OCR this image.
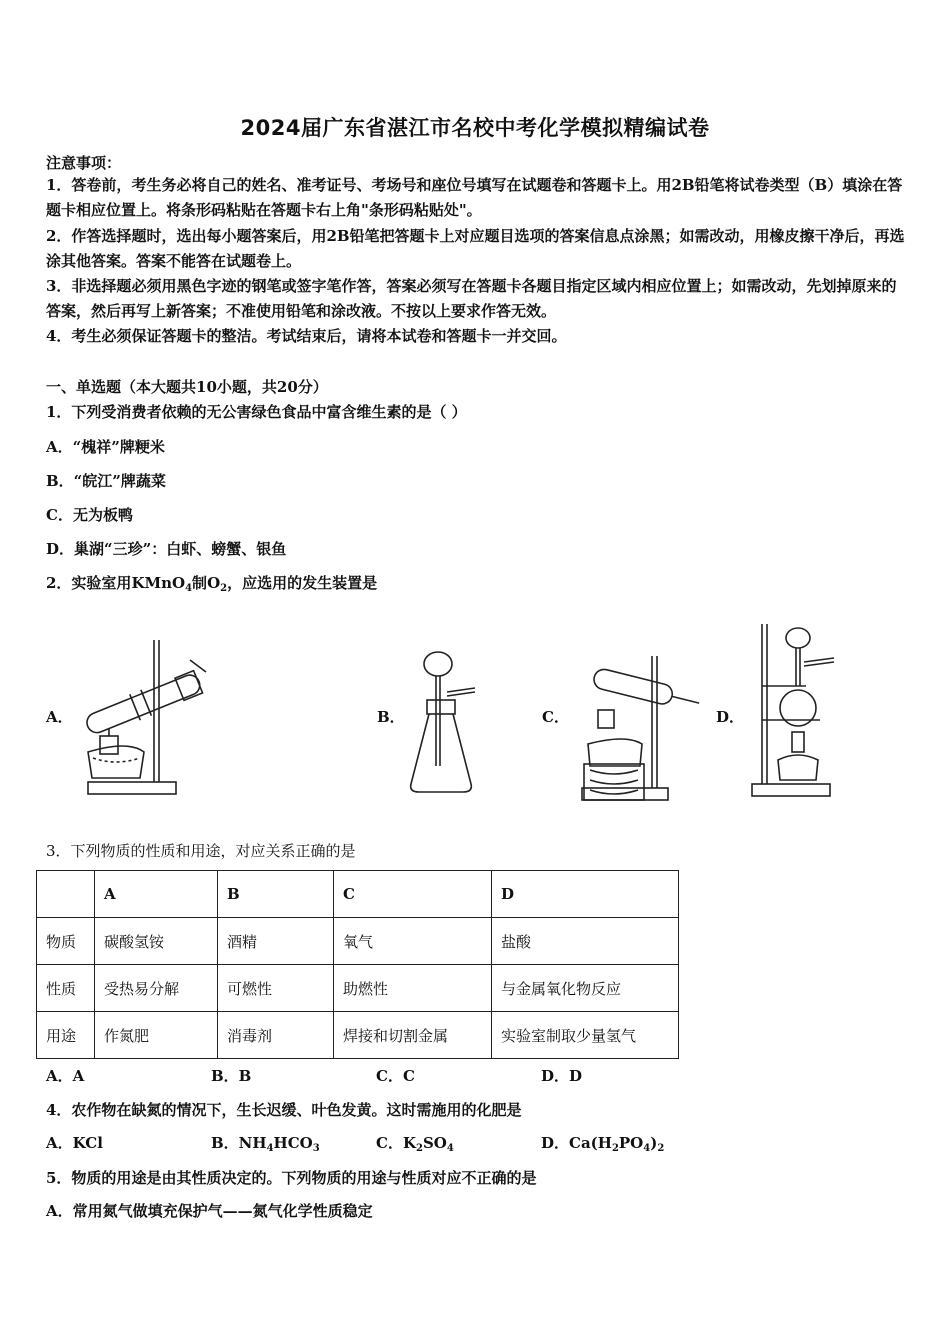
2024届广东省湛江市名校中考化学模拟精编试卷
注意事项：
1．答卷前，考生务必将自己的姓名、准考证号、考场号和座位号填写在试题卷和答题卡上。用2B铅笔将试卷类型（B）填涂在答题卡相应位置上。将条形码粘贴在答题卡右上角"条形码粘贴处"。
2．作答选择题时，选出每小题答案后，用2B铅笔把答题卡上对应题目选项的答案信息点涂黑；如需改动，用橡皮擦干净后，再选涂其他答案。答案不能答在试题卷上。
3．非选择题必须用黑色字迹的钢笔或签字笔作答，答案必须写在答题卡各题目指定区域内相应位置上；如需改动，先划掉原来的答案，然后再写上新答案；不准使用铅笔和涂改液。不按以上要求作答无效。
4．考生必须保证答题卡的整洁。考试结束后，请将本试卷和答题卡一并交回。
一、单选题（本大题共10小题，共20分）
1．下列受消费者依赖的无公害绿色食品中富含维生素的是（ ）
A．“槐祥”牌粳米
B．“皖江”牌蔬菜
C．无为板鸭
D．巢湖“三珍”：白虾、螃蟹、银鱼
2．实验室用KMnO$_4$制$O_2$，应选用的发生装置是
A．	B．	C．	D．
3．下列物质的性质和用途，对应关系正确的是
	A	B	C	D
物质	碳酸氢铵	酒精	氧气	盐酸
性质	受热易分解	可燃性	助燃性	与金属氧化物反应
用途	作氮肥	消毒剂	焊接和切割金属	实验室制取少量氢气
A．A	B．B	C．C	D．D
4．农作物在缺氮的情况下，生长迟缓、叶色发黄。这时需施用的化肥是
A．KCl	B．$NH_4HCO_3$	C．$K_2SO_4$	D．$Ca(H_2PO_4)_2$
5．物质的用途是由其性质决定的。下列物质的用途与性质对应不正确的是
A．常用氮气做填充保护气——氮气化学性质稳定
